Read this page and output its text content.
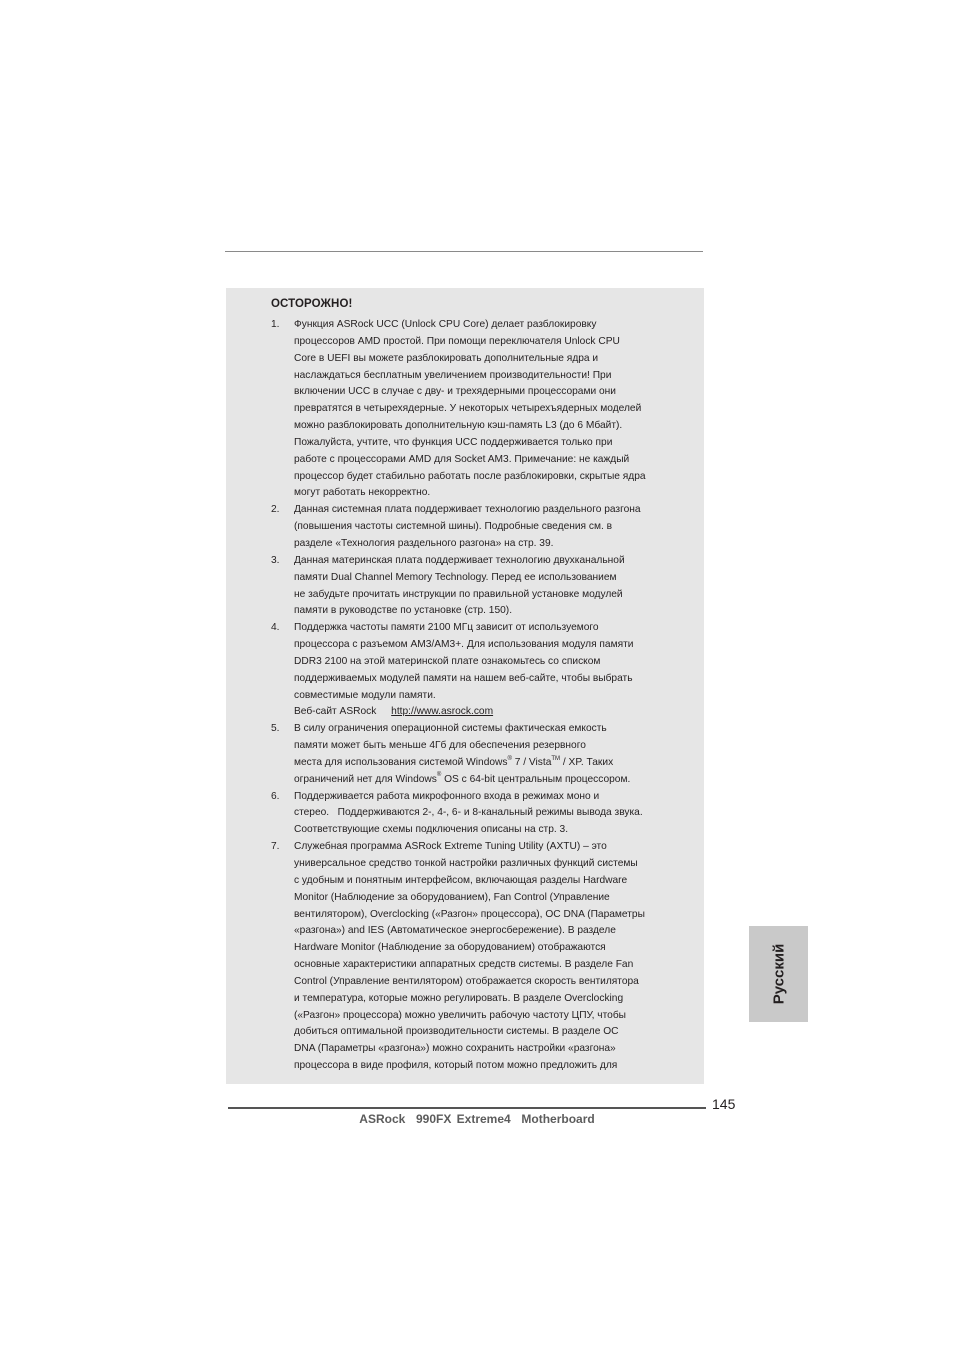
ОСТОРОЖНО!
1. Функция ASRock UCC (Unlock CPU Core) делает разблокировку
процессоров AMD простой. При помощи переключателя Unlock CPU
Core в UEFI вы можете разблокировать дополнительные ядра и
наслаждаться бесплатным увеличением производительности! При
включении UCC в случае с дву- и трехядерными процессорами они
превратятся в четырехядерные. У некоторых четырехъядерных моделей
можно разблокировать дополнительную кэш-память L3 (до 6 Мбайт).
Пожалуйста, учтите, что функция UCC поддерживается только при
работе с процессорами AMD для Socket AM3. Примечание: не каждый
процессор будет стабильно работать после разблокировки, скрытые ядра
могут работать некорректно.
2. Данная системная плата поддерживает технологию раздельного разгона
(повышения частоты системной шины). Подробные сведения см. в
разделе «Технология раздельного разгона» на стр. 39.
3. Данная материнская плата поддерживает технологию двухканальной
памяти Dual Channel Memory Technology. Перед ее использованием
не забудьте прочитать инструкции по правильной установке модулей
памяти в руководстве по установке (стр. 150).
4. Поддержка частоты памяти 2100 МГц зависит от используемого
процессора с разъемом AM3/AM3+. Для использования модуля памяти
DDR3 2100 на этой материнской плате ознакомьтесь со списком
поддерживаемых модулей памяти на нашем веб-сайте, чтобы выбрать
совместимые модули памяти.
Веб-сайт ASRock http://www.asrock.com
5. В силу ограничения операционной системы фактическая емкость
памяти может быть меньше 4Гб для обеспечения резервного
места для использования системой Windows® 7 / Vista™ / XP. Таких
ограничений нет для Windows® OS с 64-bit центральным процессором.
6. Поддерживается работа микрофонного входа в режимах моно и
стерео.   Поддерживаются 2-, 4-, 6- и 8-канальный режимы вывода звука.
Соответствующие схемы подключения описаны на стр. 3.
7. Служебная программа ASRock Extreme Tuning Utility (AXTU) – это
универсальное средство тонкой настройки различных функций системы
с удобным и понятным интерфейсом, включающая разделы Hardware
Monitor (Наблюдение за оборудованием), Fan Control (Управление
вентилятором), Overclocking («Разгон» процессора), OC DNA (Параметры
«разгона») and IES (Автоматическое энергосбережение). В разделе
Hardware Monitor (Наблюдение за оборудованием) отображаются
основные характеристики аппаратных средств системы. В разделе Fan
Control (Управление вентилятором) отображается скорость вентилятора
и температура, которые можно регулировать. В разделе Overclocking
(«Разгон» процессора) можно увеличить рабочую частоту ЦПУ, чтобы
добиться оптимальной производительности системы. В разделе OC
DNA (Параметры «разгона») можно сохранить настройки «разгона»
процессора в виде профиля, который потом можно предложить для
Русский
145
ASRock  990FX Extreme4  Motherboard
